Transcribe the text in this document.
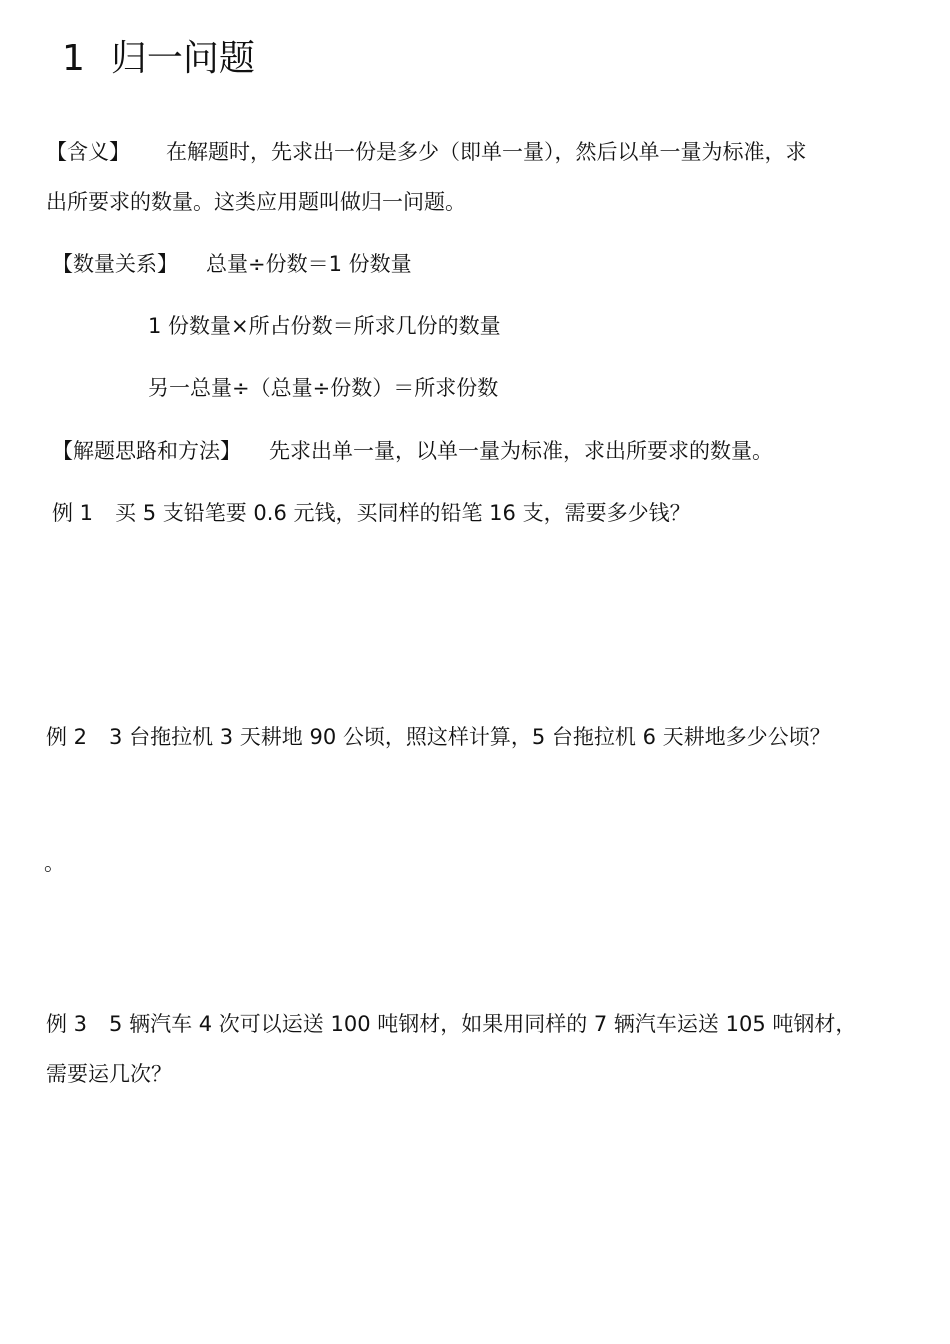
1 归一问题
【含义】 在解题时，先求出一份是多少（即单一量），然后以单一量为标准，求
出所要求的数量。这类应用题叫做归一问题。
【数量关系】 总量÷份数＝1 份数量
1 份数量×所占份数＝所求几份的数量
另一总量÷（总量÷份数）＝所求份数
【解题思路和方法】 先求出单一量，以单一量为标准，求出所要求的数量。
例 1 买 5 支铅笔要 0.6 元钱，买同样的铅笔 16 支，需要多少钱？
例 2 3 台拖拉机 3 天耕地 90 公顷，照这样计算，5 台拖拉机 6 天耕地多少公顷？
。
例 3 5 辆汽车 4 次可以运送 100 吨钢材，如果用同样的 7 辆汽车运送 105 吨钢材，
需要运几次？
